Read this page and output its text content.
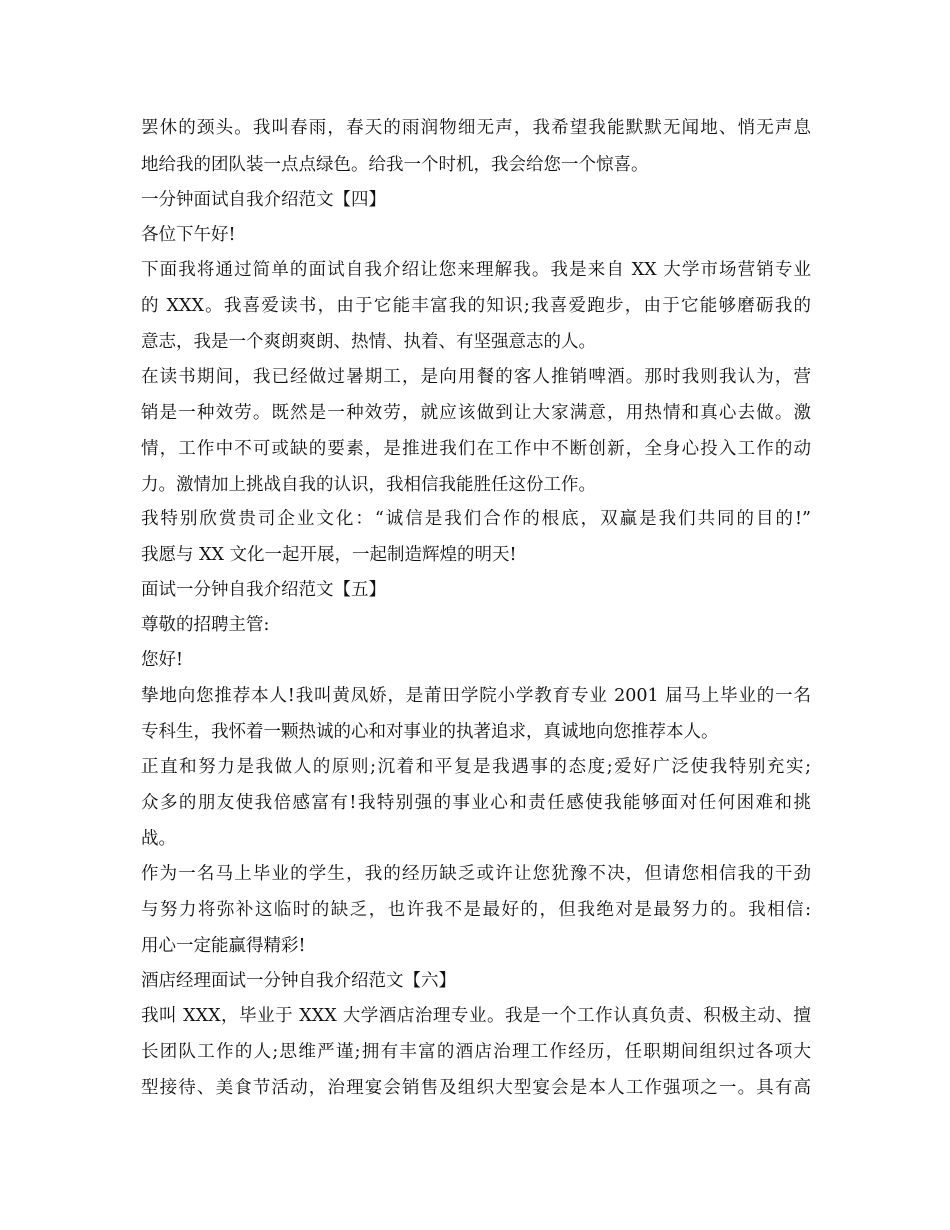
罢休的颈头。我叫春雨，春天的雨润物细无声，我希望我能默默无闻地、悄无声息
地给我的团队装一点点绿色。给我一个时机，我会给您一个惊喜。
一分钟面试自我介绍范文【四】
各位下午好!
下面我将通过简单的面试自我介绍让您来理解我。我是来自 XX 大学市场营销专业
的 XXX。我喜爱读书，由于它能丰富我的知识;我喜爱跑步，由于它能够磨砺我的
意志，我是一个爽朗爽朗、热情、执着、有坚强意志的人。
在读书期间，我已经做过暑期工，是向用餐的客人推销啤酒。那时我则我认为，营
销是一种效劳。既然是一种效劳，就应该做到让大家满意，用热情和真心去做。激
情，工作中不可或缺的要素，是推进我们在工作中不断创新，全身心投入工作的动
力。激情加上挑战自我的认识，我相信我能胜任这份工作。
我特别欣赏贵司企业文化：“诚信是我们合作的根底，双赢是我们共同的目的!”
我愿与 XX 文化一起开展，一起制造辉煌的明天!
面试一分钟自我介绍范文【五】
尊敬的招聘主管:
您好!
挚地向您推荐本人!我叫黄凤娇，是莆田学院小学教育专业 2001 届马上毕业的一名
专科生，我怀着一颗热诚的心和对事业的执著追求，真诚地向您推荐本人。
正直和努力是我做人的原则;沉着和平复是我遇事的态度;爱好广泛使我特别充实;
众多的朋友使我倍感富有!我特别强的事业心和责任感使我能够面对任何困难和挑
战。
作为一名马上毕业的学生，我的经历缺乏或许让您犹豫不决，但请您相信我的干劲
与努力将弥补这临时的缺乏，也许我不是最好的，但我绝对是最努力的。我相信:
用心一定能赢得精彩!
酒店经理面试一分钟自我介绍范文【六】
我叫 XXX，毕业于 XXX 大学酒店治理专业。我是一个工作认真负责、积极主动、擅
长团队工作的人;思维严谨;拥有丰富的酒店治理工作经历，任职期间组织过各项大
型接待、美食节活动，治理宴会销售及组织大型宴会是本人工作强项之一。具有高
